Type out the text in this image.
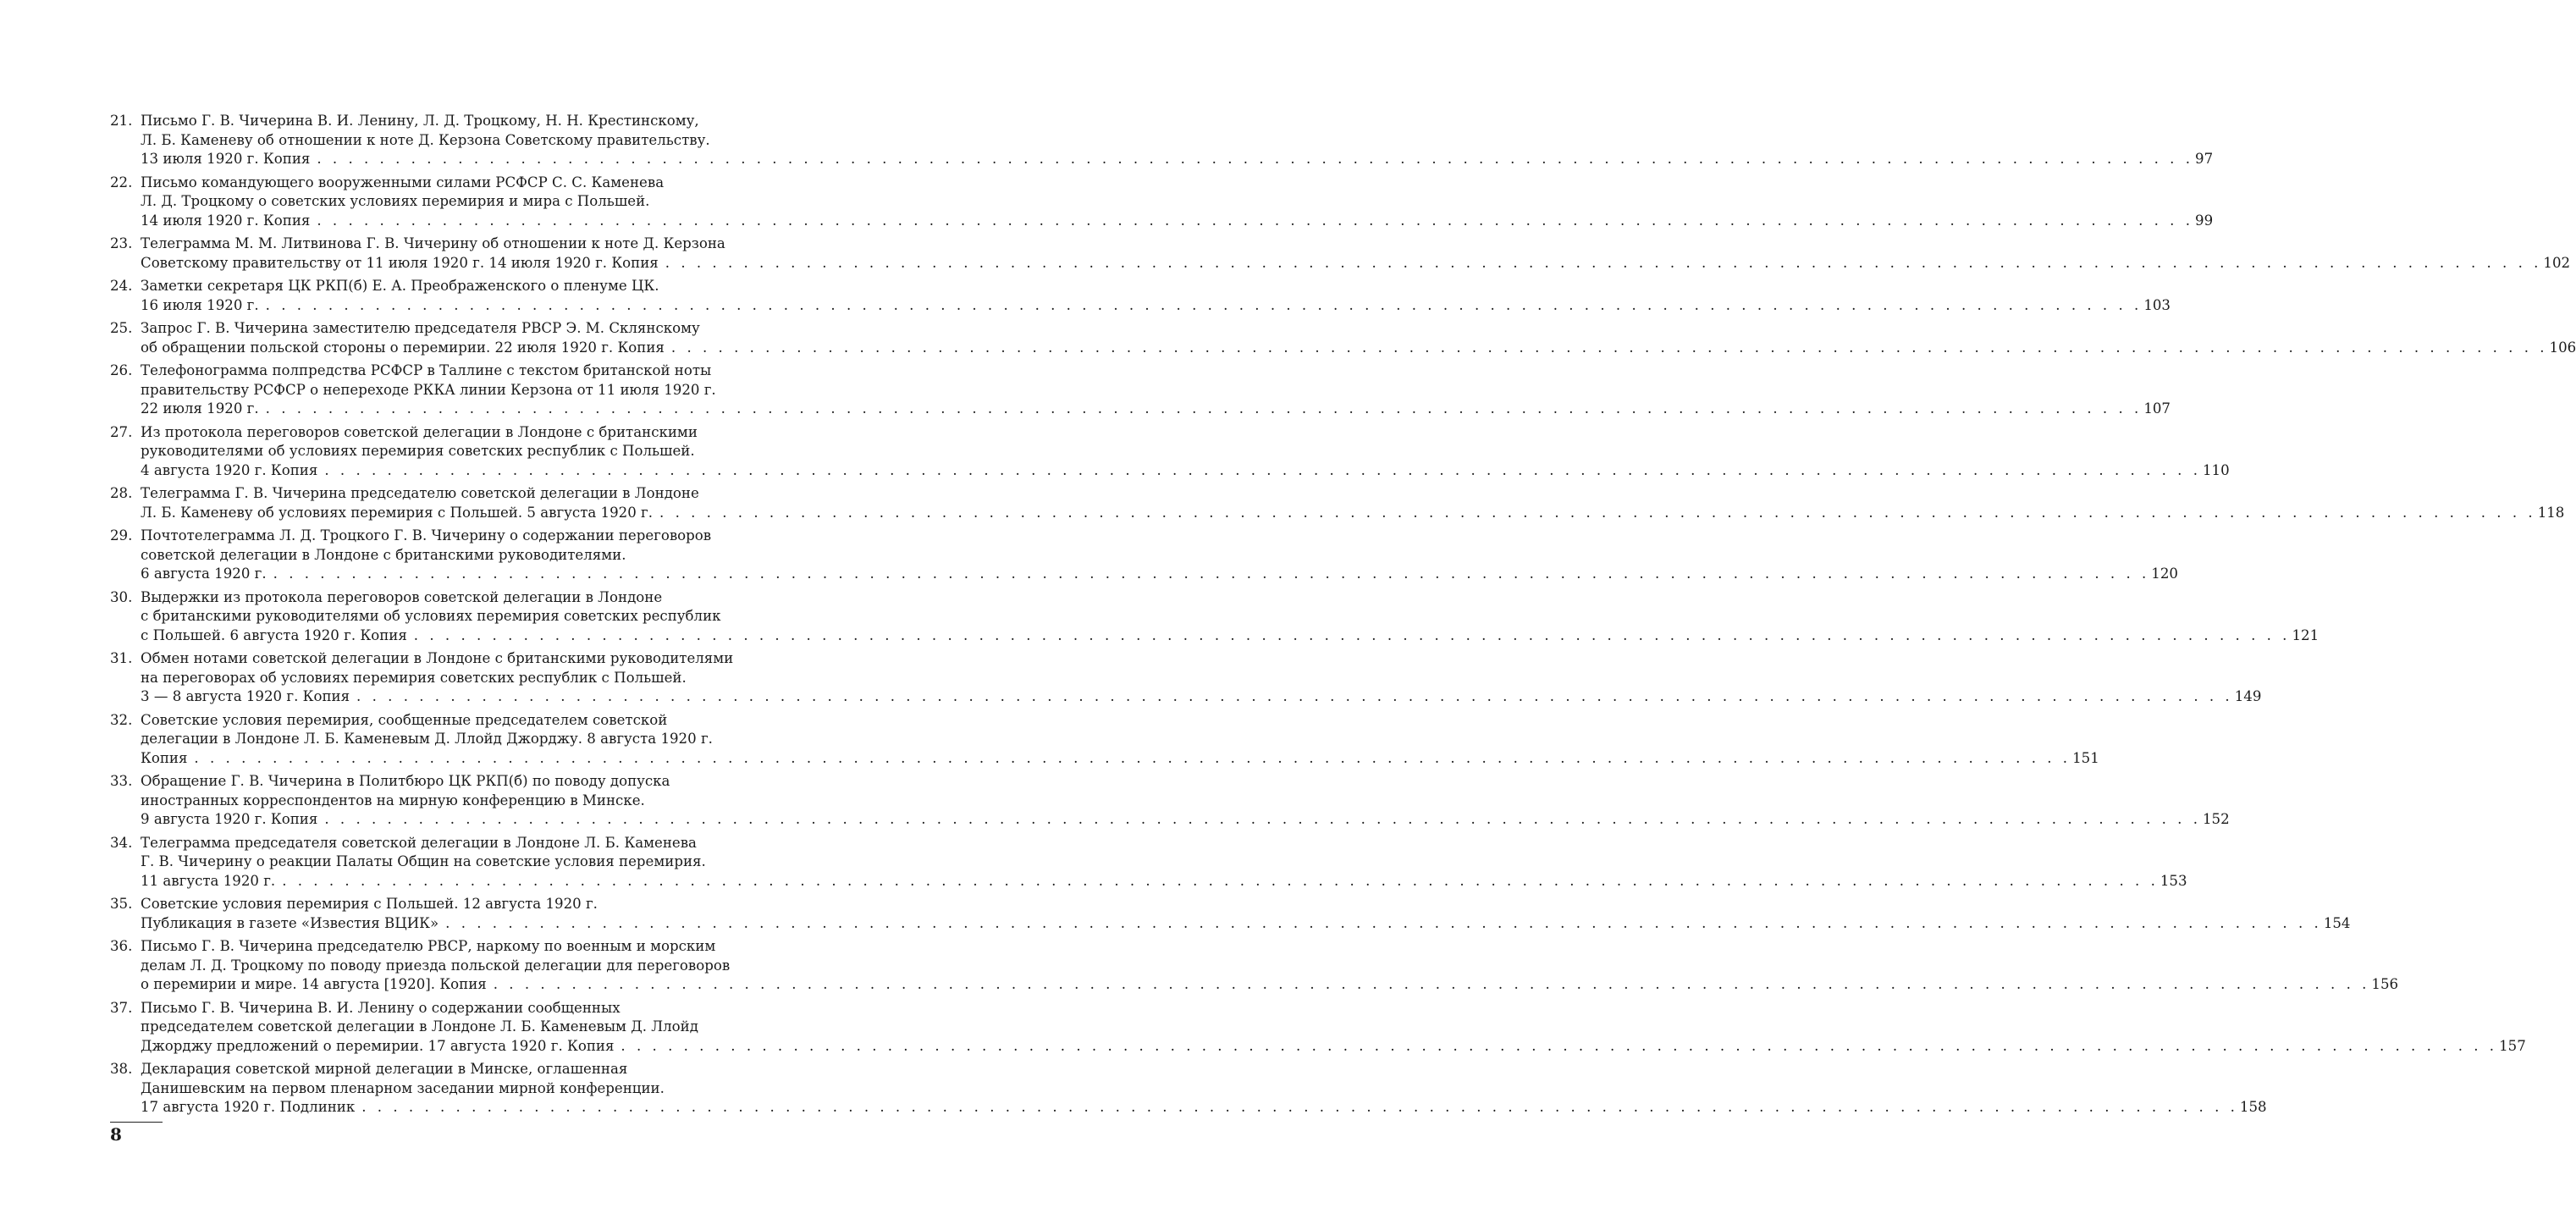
21. Письмо Г. В. Чичерина В. И. Ленину, Л. Д. Троцкому, Н. Н. Крестинскому,
Л. Б. Каменеву об отношении к ноте Д. Керзона Советскому правительству.
13 июля 1920 г. Копия . . . . . . . . . . . . . . . . . . . . . . . . . . . . . . . . . . . . . . . . . . . . . . . . . . . . . . . . . . . . . . . . . . . . . . . . . . . . . . . . . . . . . . . . . . . . . . . . . . . . . . . . . . . . . . . . . . . . . . . . 97
22. Письмо командующего вооруженными силами РСФСР С. С. Каменева
Л. Д. Троцкому о советских условиях перемирия и мира с Польшей.
14 июля 1920 г. Копия . . . . . . . . . . . . . . . . . . . . . . . . . . . . . . . . . . . . . . . . . . . . . . . . . . . . . . . . . . . . . . . . . . . . . . . . . . . . . . . . . . . . . . . . . . . . . . . . . . . . . . . . . . . . . . . . . . . . . . . . 99
23. Телеграмма М. М. Литвинова Г. В. Чичерину об отношении к ноте Д. Керзона
Советскому правительству от 11 июля 1920 г. 14 июля 1920 г. Копия . . . . . . . . . . . . . . . . . . . . . . . . . . . . . . . . . . . . . . . . . . . . . . . . . . . . . . . . . . . . . . . . . . . . . . . . . . . . . . . . . . . . . . . . . . . . . . . . . . . . . . . . . . . . . . . . . . . . . . . . 102
24. Заметки секретаря ЦК РКП(б) Е. А. Преображенского о пленуме ЦК.
16 июля 1920 г. . . . . . . . . . . . . . . . . . . . . . . . . . . . . . . . . . . . . . . . . . . . . . . . . . . . . . . . . . . . . . . . . . . . . . . . . . . . . . . . . . . . . . . . . . . . . . . . . . . . . . . . . . . . . . . . . . . . . . . . . 103
25. Запрос Г. В. Чичерина заместителю председателя РВСР Э. М. Склянскому
об обращении польской стороны о перемирии. 22 июля 1920 г. Копия . . . . . . . . . . . . . . . . . . . . . . . . . . . . . . . . . . . . . . . . . . . . . . . . . . . . . . . . . . . . . . . . . . . . . . . . . . . . . . . . . . . . . . . . . . . . . . . . . . . . . . . . . . . . . . . . . . . . . . . . 106
26. Телефонограмма полпредства РСФСР в Таллине с текстом британской ноты
правительству РСФСР о непереходе РККА линии Керзона от 11 июля 1920 г.
22 июля 1920 г. . . . . . . . . . . . . . . . . . . . . . . . . . . . . . . . . . . . . . . . . . . . . . . . . . . . . . . . . . . . . . . . . . . . . . . . . . . . . . . . . . . . . . . . . . . . . . . . . . . . . . . . . . . . . . . . . . . . . . . . . 107
27. Из протокола переговоров советской делегации в Лондоне с британскими
руководителями об условиях перемирия советских республик с Польшей.
4 августа 1920 г. Копия . . . . . . . . . . . . . . . . . . . . . . . . . . . . . . . . . . . . . . . . . . . . . . . . . . . . . . . . . . . . . . . . . . . . . . . . . . . . . . . . . . . . . . . . . . . . . . . . . . . . . . . . . . . . . . . . . . . . . . . . 110
28. Телеграмма Г. В. Чичерина председателю советской делегации в Лондоне
Л. Б. Каменеву об условиях перемирия с Польшей. 5 августа 1920 г. . . . . . . . . . . . . . . . . . . . . . . . . . . . . . . . . . . . . . . . . . . . . . . . . . . . . . . . . . . . . . . . . . . . . . . . . . . . . . . . . . . . . . . . . . . . . . . . . . . . . . . . . . . . . . . . . . . . . . . . . 118
29. Почтотелеграмма Л. Д. Троцкого Г. В. Чичерину о содержании переговоров
советской делегации в Лондоне с британскими руководителями.
6 августа 1920 г. . . . . . . . . . . . . . . . . . . . . . . . . . . . . . . . . . . . . . . . . . . . . . . . . . . . . . . . . . . . . . . . . . . . . . . . . . . . . . . . . . . . . . . . . . . . . . . . . . . . . . . . . . . . . . . . . . . . . . . . . 120
30. Выдержки из протокола переговоров советской делегации в Лондоне
с британскими руководителями об условиях перемирия советских республик
с Польшей. 6 августа 1920 г. Копия . . . . . . . . . . . . . . . . . . . . . . . . . . . . . . . . . . . . . . . . . . . . . . . . . . . . . . . . . . . . . . . . . . . . . . . . . . . . . . . . . . . . . . . . . . . . . . . . . . . . . . . . . . . . . . . . . . . . . . . . 121
31. Обмен нотами советской делегации в Лондоне с британскими руководителями
на переговорах об условиях перемирия советских республик с Польшей.
3 — 8 августа 1920 г. Копия . . . . . . . . . . . . . . . . . . . . . . . . . . . . . . . . . . . . . . . . . . . . . . . . . . . . . . . . . . . . . . . . . . . . . . . . . . . . . . . . . . . . . . . . . . . . . . . . . . . . . . . . . . . . . . . . . . . . . . . . 149
32. Советские условия перемирия, сообщенные председателем советской
делегации в Лондоне Л. Б. Каменевым Д. Ллойд Джорджу. 8 августа 1920 г.
Копия . . . . . . . . . . . . . . . . . . . . . . . . . . . . . . . . . . . . . . . . . . . . . . . . . . . . . . . . . . . . . . . . . . . . . . . . . . . . . . . . . . . . . . . . . . . . . . . . . . . . . . . . . . . . . . . . . . . . . . . . 151
33. Обращение Г. В. Чичерина в Политбюро ЦК РКП(б) по поводу допуска
иностранных корреспондентов на мирную конференцию в Минске.
9 августа 1920 г. Копия . . . . . . . . . . . . . . . . . . . . . . . . . . . . . . . . . . . . . . . . . . . . . . . . . . . . . . . . . . . . . . . . . . . . . . . . . . . . . . . . . . . . . . . . . . . . . . . . . . . . . . . . . . . . . . . . . . . . . . . . 152
34. Телеграмма председателя советской делегации в Лондоне Л. Б. Каменева
Г. В. Чичерину о реакции Палаты Общин на советские условия перемирия.
11 августа 1920 г. . . . . . . . . . . . . . . . . . . . . . . . . . . . . . . . . . . . . . . . . . . . . . . . . . . . . . . . . . . . . . . . . . . . . . . . . . . . . . . . . . . . . . . . . . . . . . . . . . . . . . . . . . . . . . . . . . . . . . . . . 153
35. Советские условия перемирия с Польшей. 12 августа 1920 г.
Публикация в газете «Известия ВЦИК» . . . . . . . . . . . . . . . . . . . . . . . . . . . . . . . . . . . . . . . . . . . . . . . . . . . . . . . . . . . . . . . . . . . . . . . . . . . . . . . . . . . . . . . . . . . . . . . . . . . . . . . . . . . . . . . . . . . . . . . . 154
36. Письмо Г. В. Чичерина председателю РВСР, наркому по военным и морским
делам Л. Д. Троцкому по поводу приезда польской делегации для переговоров
о перемирии и мире. 14 августа [1920]. Копия . . . . . . . . . . . . . . . . . . . . . . . . . . . . . . . . . . . . . . . . . . . . . . . . . . . . . . . . . . . . . . . . . . . . . . . . . . . . . . . . . . . . . . . . . . . . . . . . . . . . . . . . . . . . . . . . . . . . . . . . 156
37. Письмо Г. В. Чичерина В. И. Ленину о содержании сообщенных
председателем советской делегации в Лондоне Л. Б. Каменевым Д. Ллойд
Джорджу предложений о перемирии. 17 августа 1920 г. Копия . . . . . . . . . . . . . . . . . . . . . . . . . . . . . . . . . . . . . . . . . . . . . . . . . . . . . . . . . . . . . . . . . . . . . . . . . . . . . . . . . . . . . . . . . . . . . . . . . . . . . . . . . . . . . . . . . . . . . . . . 157
38. Декларация советской мирной делегации в Минске, оглашенная
Данишевским на первом пленарном заседании мирной конференции.
17 августа 1920 г. Подлиник . . . . . . . . . . . . . . . . . . . . . . . . . . . . . . . . . . . . . . . . . . . . . . . . . . . . . . . . . . . . . . . . . . . . . . . . . . . . . . . . . . . . . . . . . . . . . . . . . . . . . . . . . . . . . . . . . . . . . . . . 158
8
